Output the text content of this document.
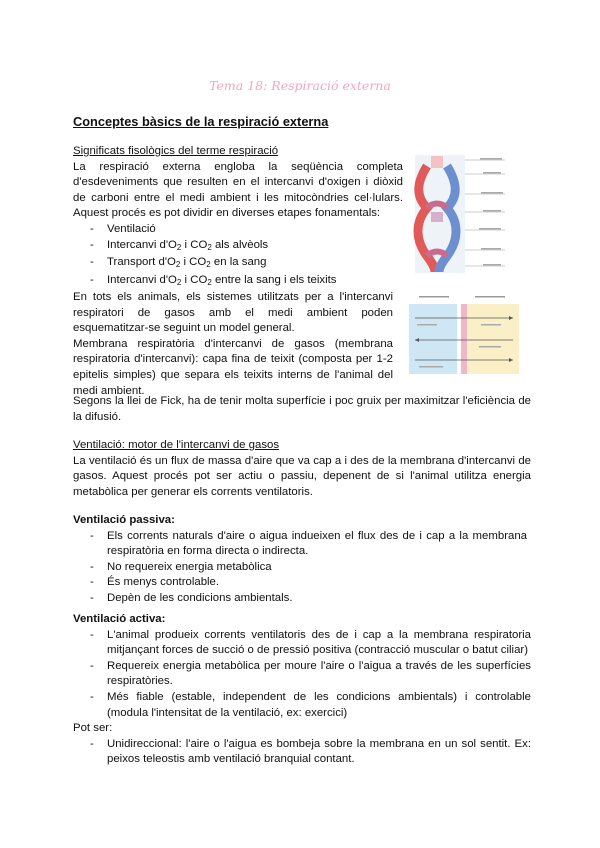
Tema 18: Respiració externa
Conceptes bàsics de la respiració externa
Significats fisològics del terme respiració
La respiració externa engloba la seqüència completa d'esdeveniments que resulten en el intercanvi d'oxigen i diòxid de carboni entre el medi ambient i les mitocòndries cel·lulars. Aquest procés es pot dividir en diverses etapes fonamentals:
- Ventilació
- Intercanvi $d'O_2$ i $CO_2$ als alvèols
- Transport $d'O_2$ i $CO_2$ en la sang
- Intercanvi $d'O_2$ i $CO_2$ entre la sang i els teixits
En tots els animals, els sistemes utilitzats per a l'intercanvi respiratori de gasos amb el medi ambient poden esquematitzar-se seguint un model general.
Membrana respiratòria d'intercanvi de gasos (membrana respiratoria d'intercanvi): capa fina de teixit (composta per 1-2 epitelis simples) que separa els teixits interns de l'animal del medi ambient.
Segons la llei de Fick, ha de tenir molta superfície i poc gruix per maximitzar l'eficiència de la difusió.
Ventilació: motor de l'intercanvi de gasos
La ventilació és un flux de massa d'aire que va cap a i des de la membrana d'intercanvi de gasos. Aquest procés pot ser actiu o passiu, depenent de si l'animal utilitza energia metabòlica per generar els corrents ventilatoris.
Ventilació passiva:
- Els corrents naturals d'aire o aigua indueixen el flux des de i cap a la membrana respiratòria en forma directa o indirecta.
- No requereix energia metabòlica
- És menys controlable.
- Depèn de les condicions ambientals.
Ventilació activa:
- L'animal produeix corrents ventilatoris des de i cap a la membrana respiratoria mitjançant forces de succió o de pressió positiva (contracció muscular o batut ciliar)
- Requereix energia metabòlica per moure l'aire o l'aigua a través de les superfícies respiratòries.
- Més fiable (estable, independent de les condicions ambientals) i controlable (modula l'intensitat de la ventilació, ex: exercici)
Pot ser:
- Unidireccional: l'aire o l'aigua es bombeja sobre la membrana en un sol sentit. Ex: peixos teleostis amb ventilació branquial contant.
